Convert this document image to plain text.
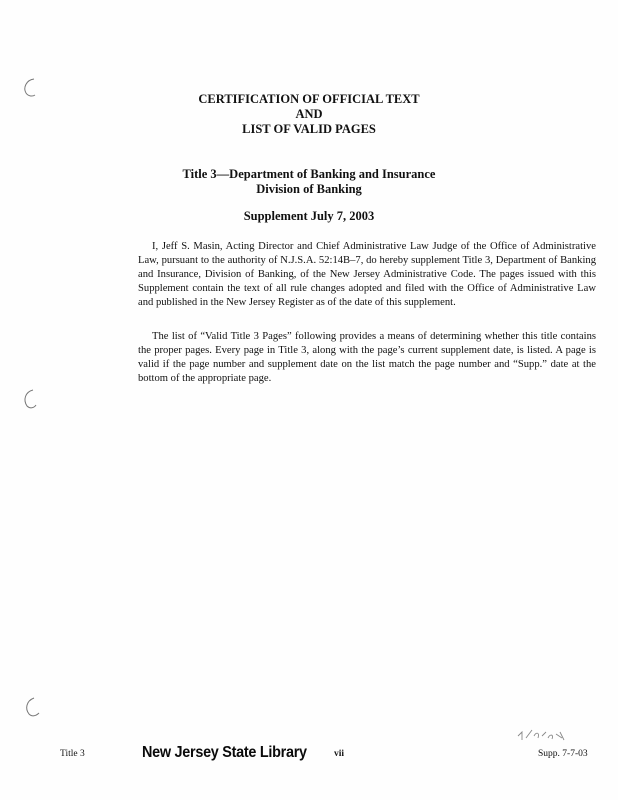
CERTIFICATION OF OFFICIAL TEXT
AND
LIST OF VALID PAGES
Title 3—Department of Banking and Insurance
Division of Banking
Supplement July 7, 2003
I, Jeff S. Masin, Acting Director and Chief Administrative Law Judge of the Office of Administrative Law, pursuant to the authority of N.J.S.A. 52:14B–7, do hereby supplement Title 3, Department of Banking and Insurance, Division of Banking, of the New Jersey Administrative Code. The pages issued with this Supplement contain the text of all rule changes adopted and filed with the Office of Administrative Law and published in the New Jersey Register as of the date of this supplement.
The list of “Valid Title 3 Pages” following provides a means of determining whether this title contains the proper pages. Every page in Title 3, along with the page’s current supplement date, is listed. A page is valid if the page number and supplement date on the list match the page number and “Supp.” date at the bottom of the appropriate page.
Title 3	New Jersey State Library	vii	Supp. 7-7-03
